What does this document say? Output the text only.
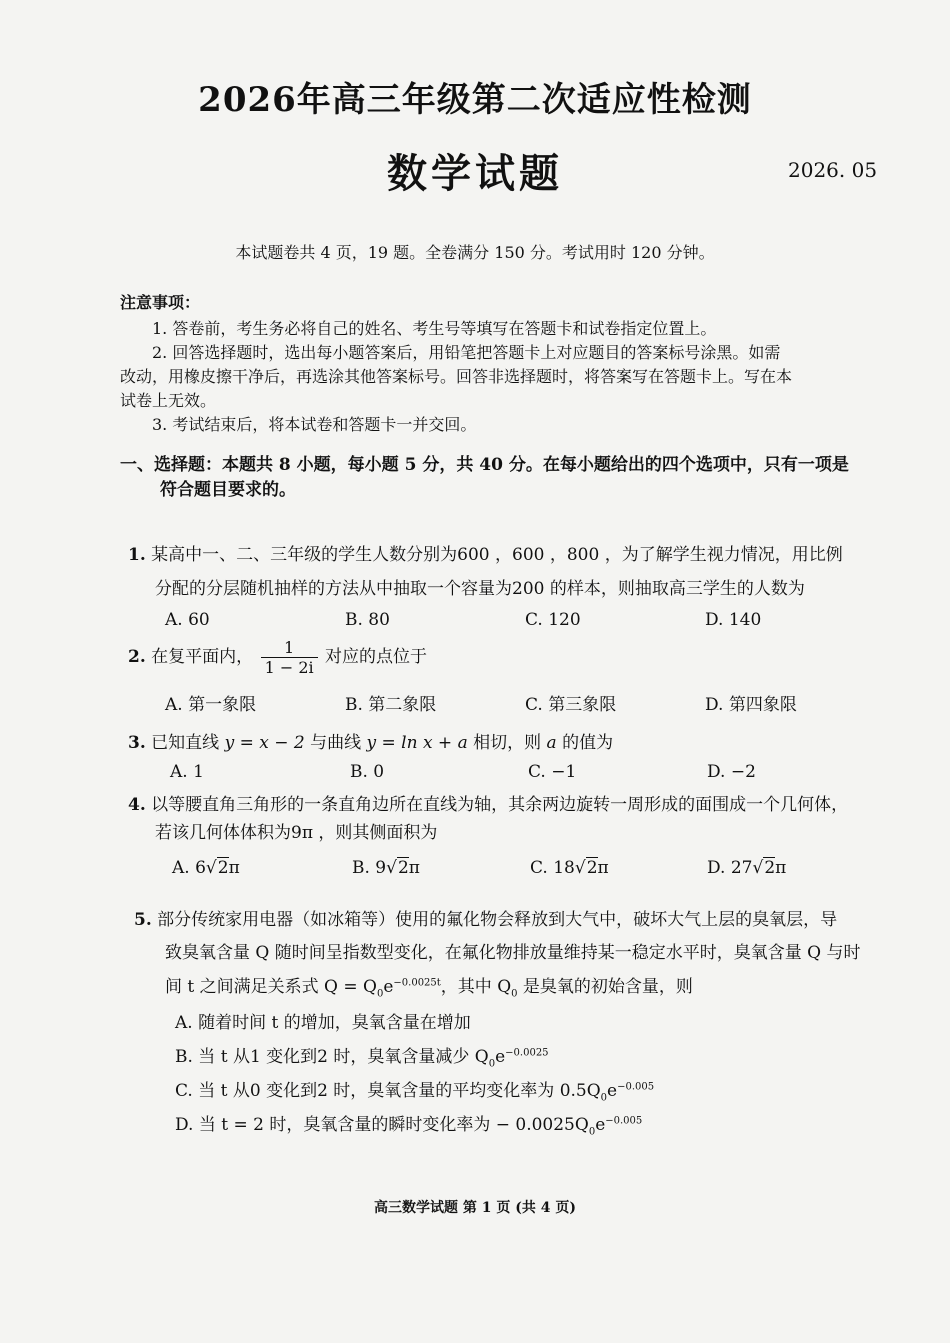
2026年高三年级第二次适应性检测
数学试题	2026. 05
本试题卷共 4 页，19 题。全卷满分 150 分。考试用时 120 分钟。
注意事项：
1. 答卷前，考生务必将自己的姓名、考生号等填写在答题卡和试卷指定位置上。
2. 回答选择题时，选出每小题答案后，用铅笔把答题卡上对应题目的答案标号涂黑。如需
改动，用橡皮擦干净后，再选涂其他答案标号。回答非选择题时，将答案写在答题卡上。写在本
试卷上无效。
3. 考试结束后，将本试卷和答题卡一并交回。
一、选择题：本题共 8 小题，每小题 5 分，共 40 分。在每小题给出的四个选项中，只有一项是
符合题目要求的。
1. 某高中一、二、三年级的学生人数分别为600 ，600 ，800 ，为了解学生视力情况，用比例
分配的分层随机抽样的方法从中抽取一个容量为200 的样本，则抽取高三学生的人数为
A. 60	B. 80	C. 120	D. 140
2. 在复平面内， $\frac{1}{1 - 2i}$ 对应的点位于
A. 第一象限	B. 第二象限	C. 第三象限	D. 第四象限
3. 已知直线 y = x − 2 与曲线 y = ln x + a 相切，则 a 的值为
A. 1	B. 0	C. −1	D. −2
4. 以等腰直角三角形的一条直角边所在直线为轴，其余两边旋转一周形成的面围成一个几何体，
若该几何体体积为9π ，则其侧面积为
A. 6√2π	B. 9√2π	C. 18√2π	D. 27√2π
5. 部分传统家用电器（如冰箱等）使用的氟化物会释放到大气中，破坏大气上层的臭氧层，导
致臭氧含量 Q 随时间呈指数型变化，在氟化物排放量维持某一稳定水平时，臭氧含量 Q 与时
间 t 之间满足关系式 $Q = Q_0e^{-0.0025t}$，其中 $Q_0$ 是臭氧的初始含量，则
A. 随着时间 t 的增加，臭氧含量在增加
B. 当 t 从1 变化到2 时，臭氧含量减少 $Q_0e^{-0.0025}$
C. 当 t 从0 变化到2 时，臭氧含量的平均变化率为 $0.5Q_0e^{-0.005}$
D. 当 t = 2 时，臭氧含量的瞬时变化率为 − $0.0025Q_0e^{-0.005}$
高三数学试题 第 1 页 (共 4 页)
